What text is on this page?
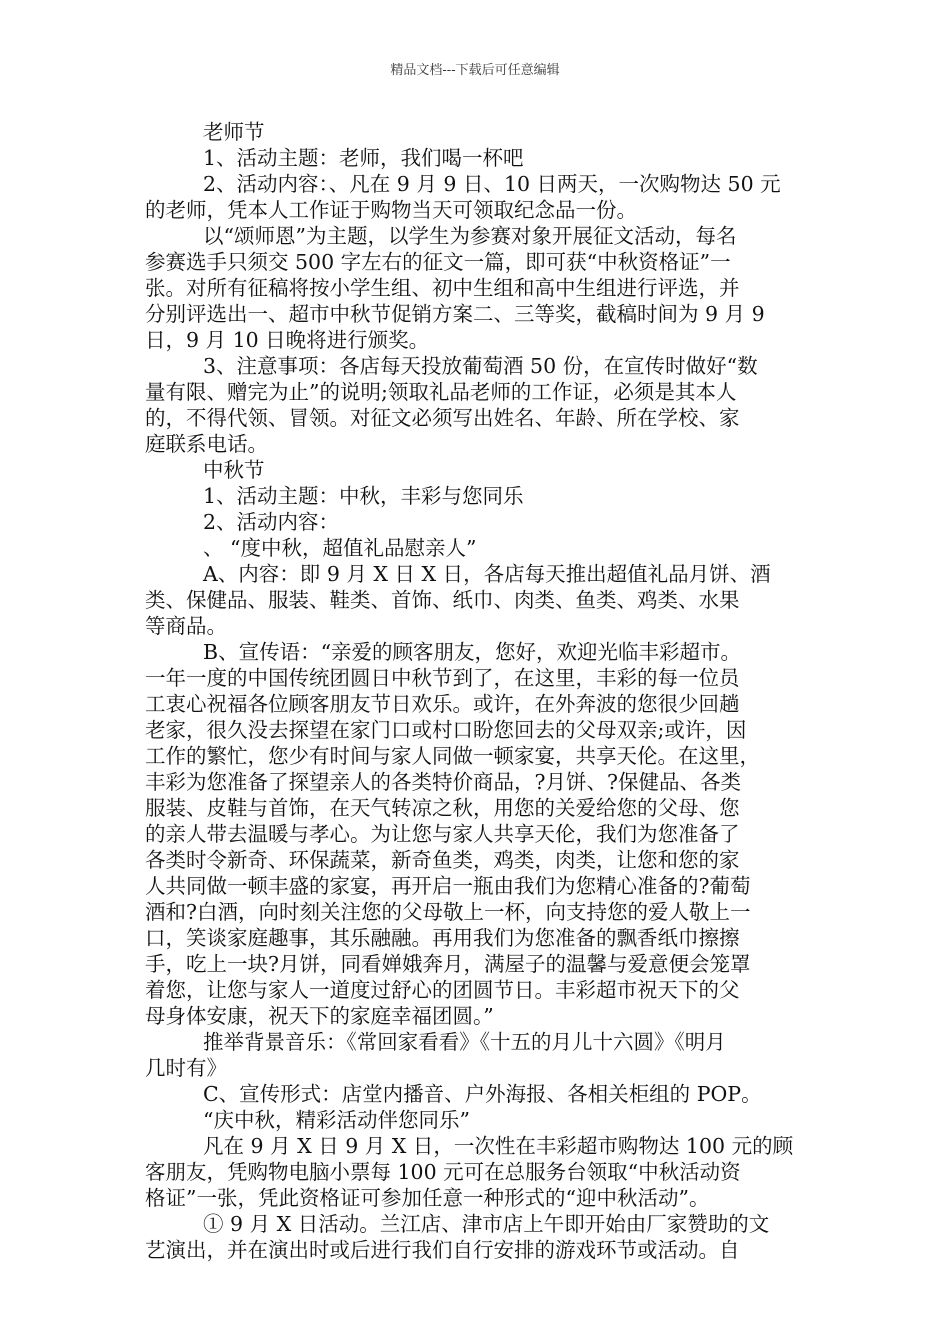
精品文档---下载后可任意编辑
老师节
1、活动主题：老师，我们喝一杯吧
2、活动内容：、凡在 9 月 9 日、10 日两天，一次购物达 50 元
的老师，凭本人工作证于购物当天可领取纪念品一份。
以“颂师恩”为主题，以学生为参赛对象开展征文活动，每名
参赛选手只须交 500 字左右的征文一篇，即可获“中秋资格证”一
张。对所有征稿将按小学生组、初中生组和高中生组进行评选，并
分别评选出一、超市中秋节促销方案二、三等奖，截稿时间为 9 月 9
日，9 月 10 日晚将进行颁奖。
3、注意事项：各店每天投放葡萄酒 50 份，在宣传时做好“数
量有限、赠完为止”的说明;领取礼品老师的工作证，必须是其本人
的，不得代领、冒领。对征文必须写出姓名、年龄、所在学校、家
庭联系电话。
中秋节
1、活动主题：中秋，丰彩与您同乐
2、活动内容：
、 “度中秋，超值礼品慰亲人”
A、内容：即 9 月 X 日 X 日，各店每天推出超值礼品月饼、酒
类、保健品、服装、鞋类、首饰、纸巾、肉类、鱼类、鸡类、水果
等商品。
B、宣传语：“亲爱的顾客朋友，您好，欢迎光临丰彩超市。
一年一度的中国传统团圆日中秋节到了，在这里，丰彩的每一位员
工衷心祝福各位顾客朋友节日欢乐。或许，在外奔波的您很少回趟
老家，很久没去探望在家门口或村口盼您回去的父母双亲;或许，因
工作的繁忙，您少有时间与家人同做一顿家宴，共享天伦。在这里，
丰彩为您准备了探望亲人的各类特价商品，?月饼、?保健品、各类
服装、皮鞋与首饰，在天气转凉之秋，用您的关爱给您的父母、您
的亲人带去温暖与孝心。为让您与家人共享天伦，我们为您准备了
各类时令新奇、环保蔬菜，新奇鱼类，鸡类，肉类，让您和您的家
人共同做一顿丰盛的家宴，再开启一瓶由我们为您精心准备的?葡萄
酒和?白酒，向时刻关注您的父母敬上一杯，向支持您的爱人敬上一
口，笑谈家庭趣事，其乐融融。再用我们为您准备的飘香纸巾擦擦
手，吃上一块?月饼，同看婵娥奔月，满屋子的温馨与爱意便会笼罩
着您，让您与家人一道度过舒心的团圆节日。丰彩超市祝天下的父
母身体安康，祝天下的家庭幸福团圆。”
推举背景音乐：《常回家看看》《十五的月儿十六圆》《明月
几时有》
C、宣传形式：店堂内播音、户外海报、各相关柜组的 POP。
“庆中秋，精彩活动伴您同乐”
凡在 9 月 X 日 9 月 X 日，一次性在丰彩超市购物达 100 元的顾
客朋友，凭购物电脑小票每 100 元可在总服务台领取“中秋活动资
格证”一张，凭此资格证可参加任意一种形式的“迎中秋活动”。
① 9 月 X 日活动。兰江店、津市店上午即开始由厂家赞助的文
艺演出，并在演出时或后进行我们自行安排的游戏环节或活动。自
